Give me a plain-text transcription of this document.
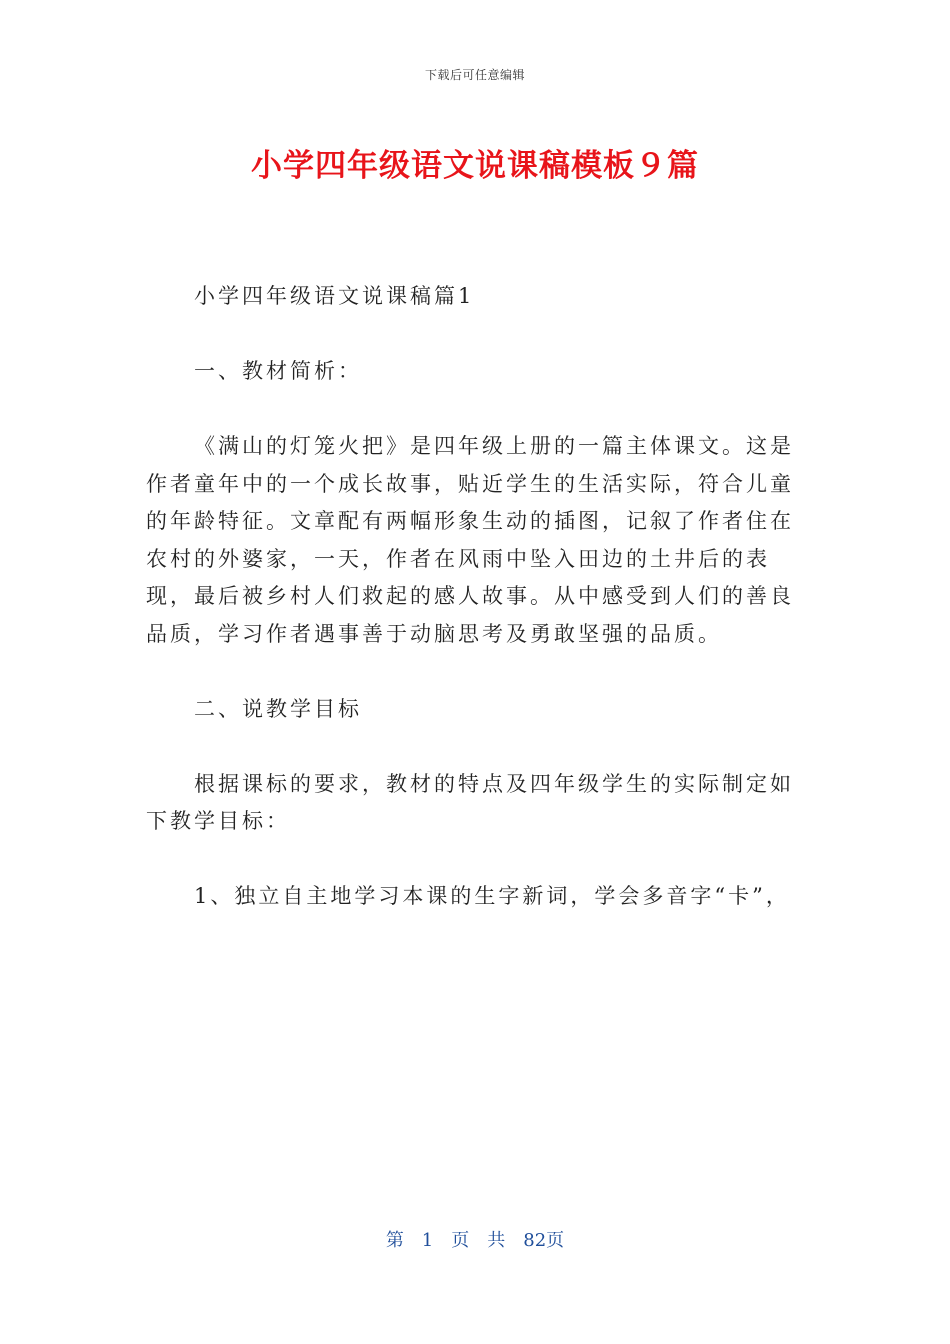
下载后可任意编辑
小学四年级语文说课稿模板９篇

小学四年级语文说课稿篇1

一、教材简析：

《满山的灯笼火把》是四年级上册的一篇主体课文。这是作者童年中的一个成长故事，贴近学生的生活实际，符合儿童的年龄特征。文章配有两幅形象生动的插图，记叙了作者住在农村的外婆家，一天，作者在风雨中坠入田边的土井后的表现，最后被乡村人们救起的感人故事。从中感受到人们的善良品质，学习作者遇事善于动脑思考及勇敢坚强的品质。

二、说教学目标

根据课标的要求，教材的特点及四年级学生的实际制定如下教学目标：

1、独立自主地学习本课的生字新词，学会多音字“卡”，

第　1　页　共　82页
